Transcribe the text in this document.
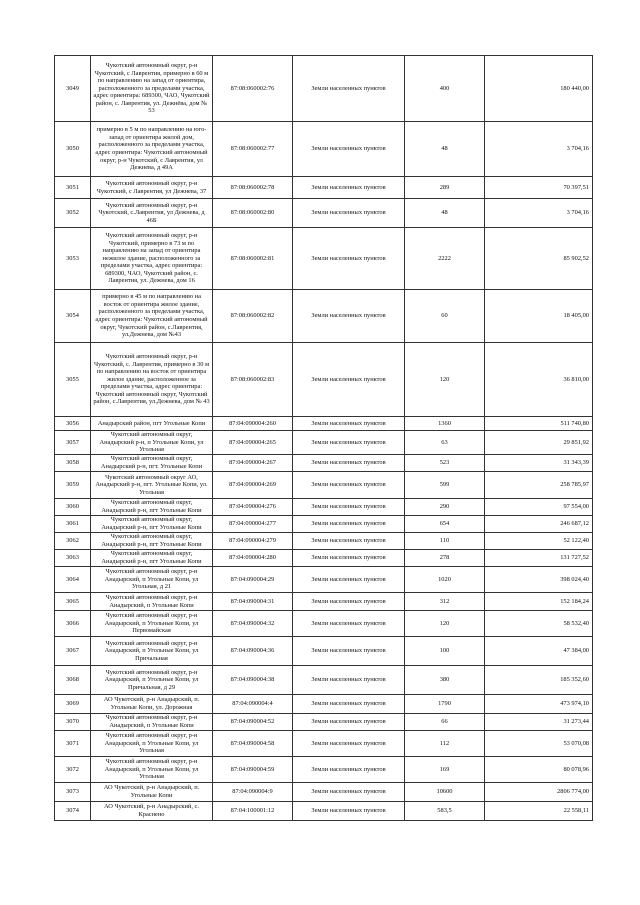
3049	Чукотский автономный округ, р-н Чукотский, с Лаврентия, примерно в 60 м по направлению на запад от ориентира, расположенного за пределами участка, адрес ориентира: 689300, ЧАО, Чукотский район, с. Лаврентия, ул. Дежнёва, дом № 53	87:08:060002:76	Земли населенных пунктов	400	180 440,00
3050	примерно в 5 м по направлению на юго-запад от ориентира жилой дом, расположенного за пределами участка, адрес ориентира: Чукотский автономный округ, р-н Чукотский, с Лаврентия, ул Дежнева, д 49А	87:08:060002:77	Земли населенных пунктов	48	3 704,16
3051	Чукотский автономный округ, р-н Чукотский, с Лаврентия, ул Дежнева, 37	87:08:060002:78	Земли населенных пунктов	289	70 397,51
3052	Чукотский автономный округ, р-н Чукотский, с.Лаврентия, ул Дежнева, д 46Б	87:08:060002:80	Земли населенных пунктов	48	3 704,16
3053	Чукотский автономный округ, р-н Чукотский, примерно в 73 м по направлению на запад от ориентира нежилое здание, расположенного за пределами участка, адрес ориентира: 689300, ЧАО, Чукотский район, с. Лаврентия, ул. Дежнева, дом 16	87:08:060002:81	Земли населенных пунктов	2222	85 902,52
3054	примерно в 45 м по направлению на восток от ориентира жилое здание, расположенного за пределами участка, адрес ориентира: Чукотский автономный округ, Чукотский район, с.Лаврентия, ул.Дежнева, дом №43	87:08:060002:82	Земли населенных пунктов	60	18 405,00
3055	Чукотский автономный округ, р-н Чукотский, с. Лаврентия, примерно в 30 м по направлению на восток от ориентира жилое здание, расположенное за пределами участка, адрес ориентира: Чукотский автономный округ, Чукотский район, с.Лаврентия, ул.Дежнева, дом № 43	87:08:060002:83	Земли населенных пунктов	120	36 810,00
3056	Анадырский район, пгт Угольные Копи	87:04:090004:260	Земли населенных пунктов	1360	511 740,80
3057	Чукотский автономный округ, Анадырский р-н, п Угольные Копи, ул Угольная	87:04:090004:265	Земли населенных пунктов	63	29 851,92
3058	Чукотский автономный округ, Анадырский р-н, пгт. Угольные Копи	87:04:090004:267	Земли населенных пунктов	523	31 343,39
3059	Чукотский автономный округ АО, Анадырский р-н, пгт. Угольные Копи, ул. Угольная	87:04:090004:269	Земли населенных пунктов	599	258 785,97
3060	Чукотский автономный округ, Анадырский р-н, пгт Угольные Копи	87:04:090004:276	Земли населенных пунктов	290	97 554,00
3061	Чукотский автономный округ, Анадырский р-н, пгт Угольные Копи	87:04:090004:277	Земли населенных пунктов	654	246 687,12
3062	Чукотский автономный округ, Анадырский р-н, пгт Угольные Копи	87:04:090004:279	Земли населенных пунктов	110	52 122,40
3063	Чукотский автономный округ, Анадырский р-н, пгт Угольные Копи	87:04:090004:280	Земли населенных пунктов	278	131 727,52
3064	Чукотский автономный округ, р-н Анадырский, п Угольные Копи, ул Угольная, д 21	87:04:090004:29	Земли населенных пунктов	1020	398 024,40
3065	Чукотский автономный округ, р-н Анадырский, п Угольные Копи	87:04:090004:31	Земли населенных пунктов	312	152 184,24
3066	Чукотский автономный округ, р-н Анадырский, п Угольные Копи, ул Первомайская	87:04:090004:32	Земли населенных пунктов	120	58 532,40
3067	Чукотский автономный округ, р-н Анадырский, п Угольные Копи, ул Причальная	87:04:090004:36	Земли населенных пунктов	100	47 384,00
3068	Чукотский автономный округ, р-н Анадырский, п Угольные Копи, ул Причальная, д 29	87:04:090004:38	Земли населенных пунктов	380	185 352,60
3069	АО Чукотский, р-н Анадырский, п. Угольные Копи, ул. Дорожная	87:04:090004:4	Земли населенных пунктов	1790	473 974,10
3070	Чукотский автономный округ, р-н Анадырский, п Угольные Копи	87:04:090004:52	Земли населенных пунктов	66	31 273,44
3071	Чукотский автономный округ, р-н Анадырский, п Угольные Копи, ул Угольная	87:04:090004:58	Земли населенных пунктов	112	53 070,08
3072	Чукотский автономный округ, р-н Анадырский, п Угольные Копи, ул Угольная	87:04:090004:59	Земли населенных пунктов	169	80 078,96
3073	АО Чукотский, р-н Анадырский, п. Угольные Копи	87:04:090004:9	Земли населенных пунктов	10600	2806 774,00
3074	АО Чукотский, р-н Анадырский, с. Краснено	87:04:100001:12	Земли населенных пунктов	583,5	22 558,11
